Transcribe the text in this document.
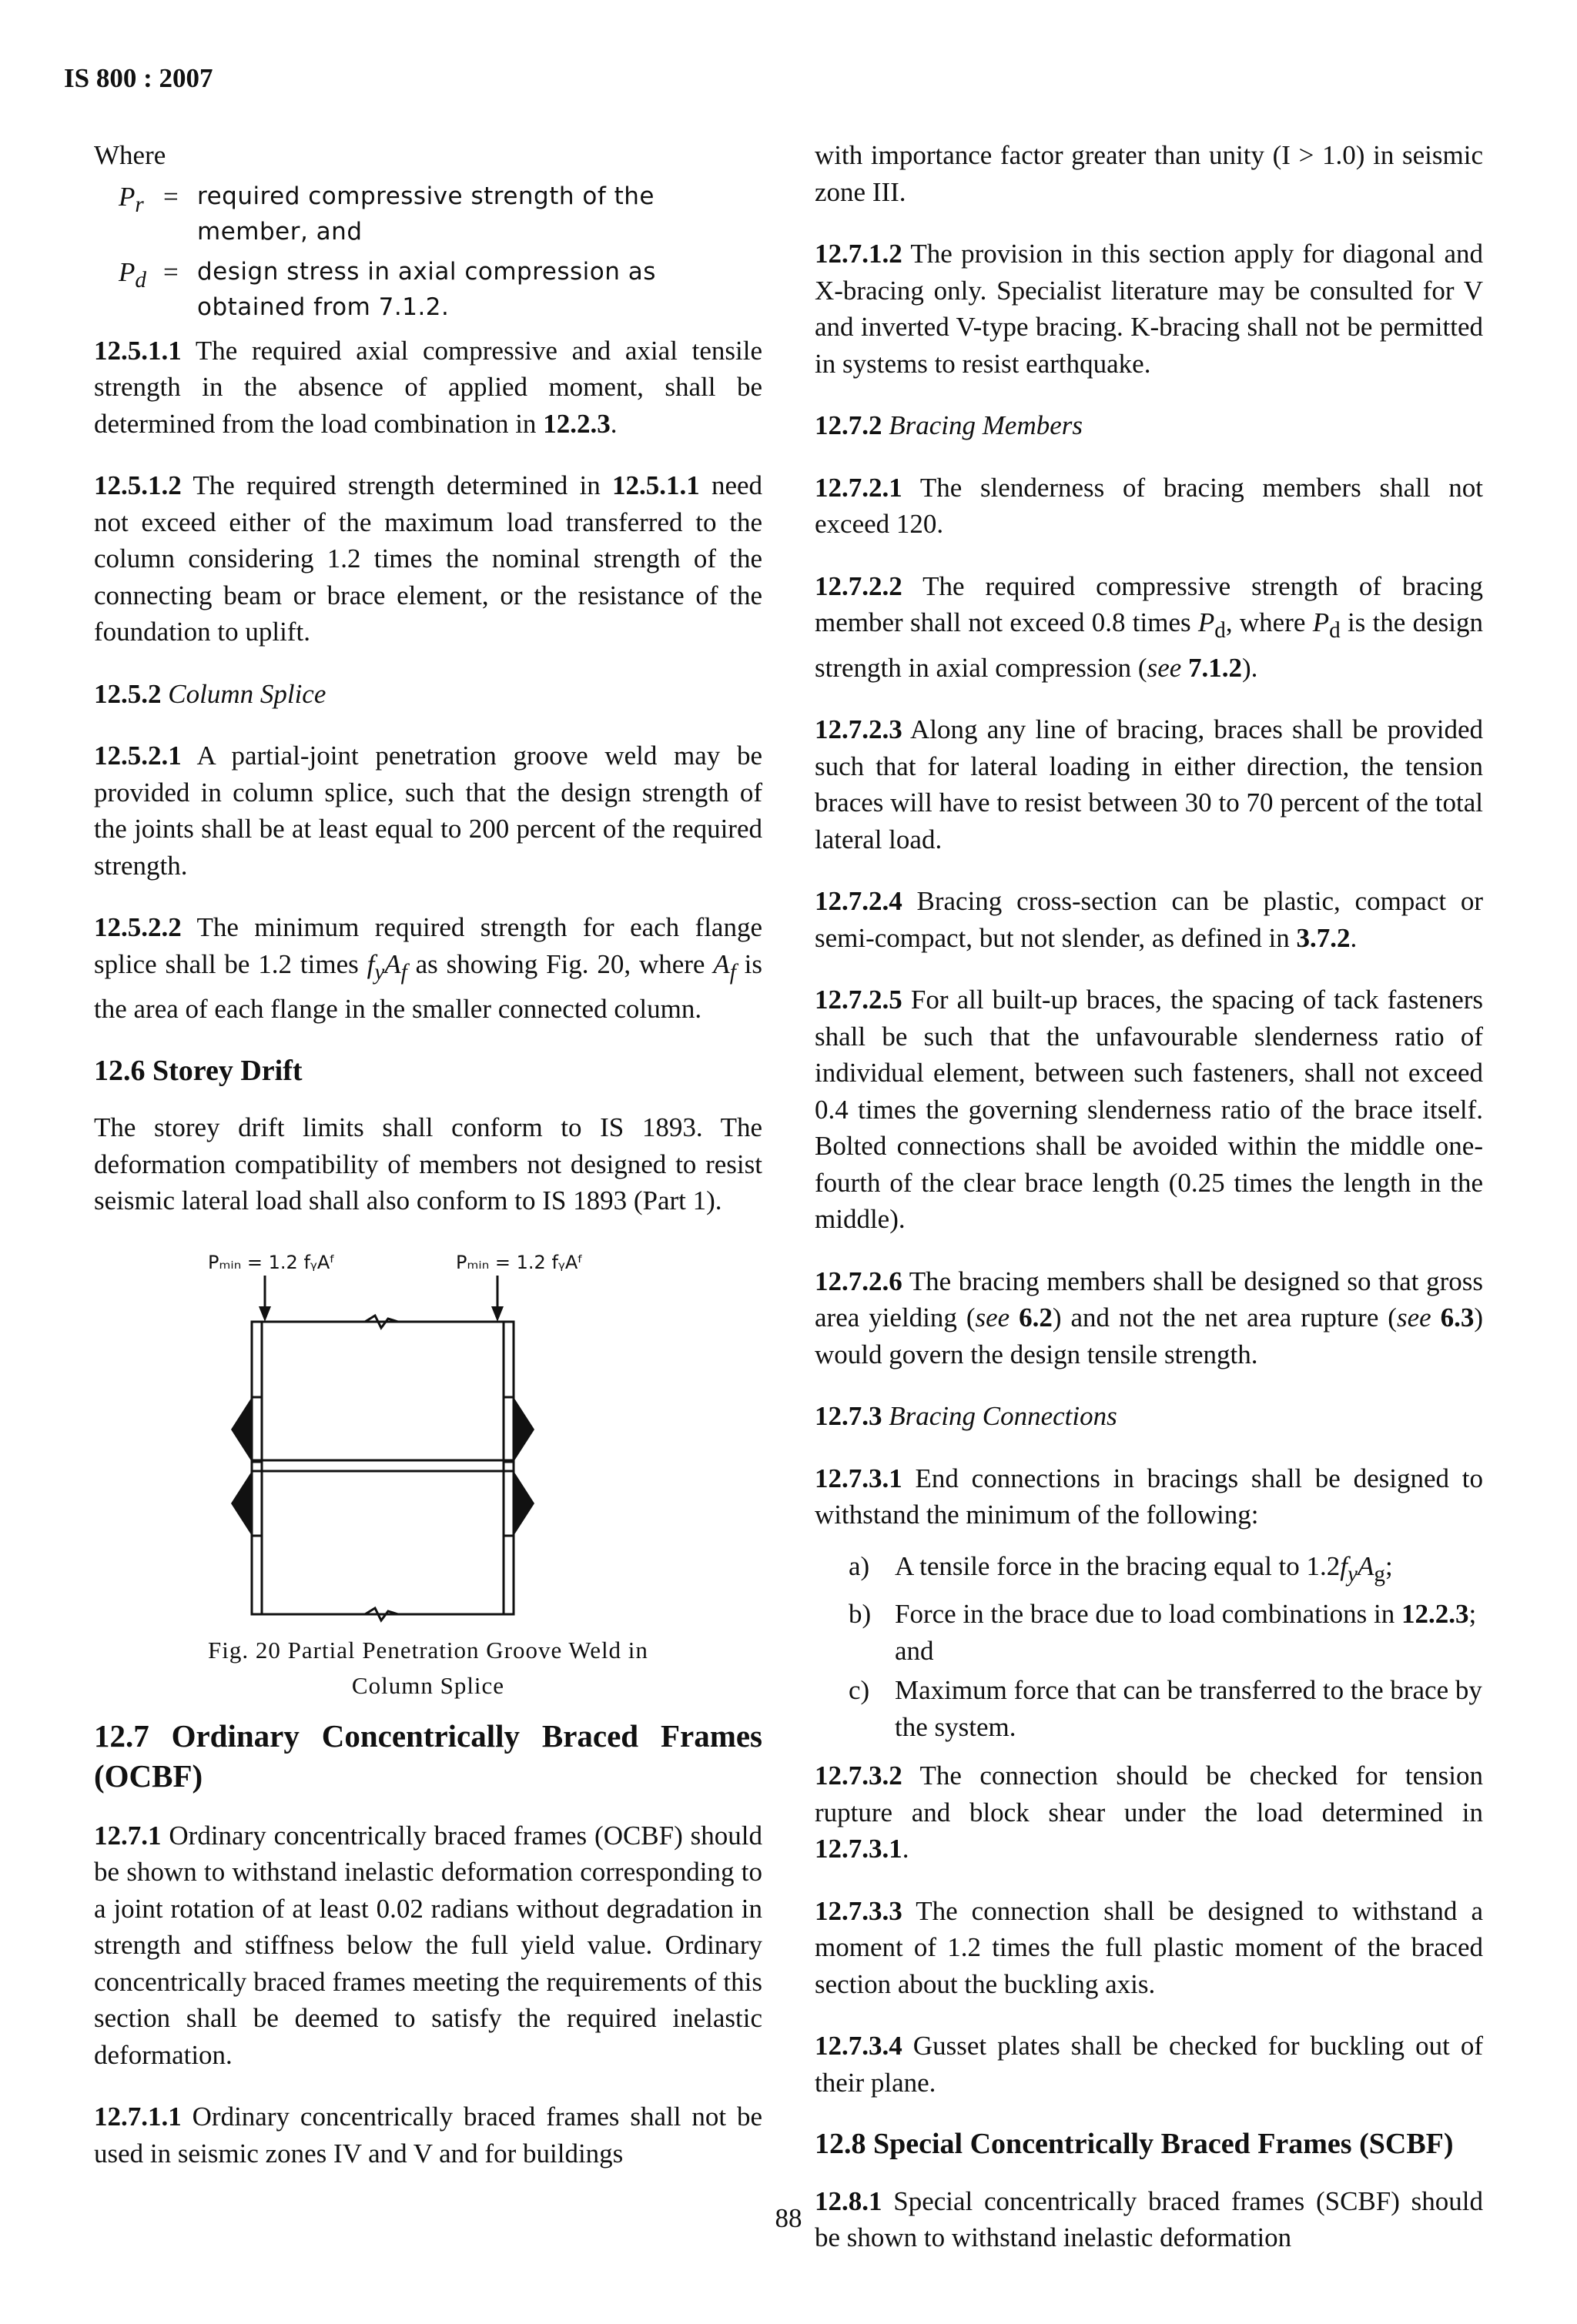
IS 800 : 2007

Where

$P_r$ = required compressive strength of the member, and
$P_d$ = design stress in axial compression as obtained from 7.1.2.

12.5.1.1 The required axial compressive and axial tensile strength in the absence of applied moment, shall be determined from the load combination in 12.2.3.

12.5.1.2 The required strength determined in 12.5.1.1 need not exceed either of the maximum load transferred to the column considering 1.2 times the nominal strength of the connecting beam or brace element, or the resistance of the foundation to uplift.

12.5.2 Column Splice

12.5.2.1 A partial-joint penetration groove weld may be provided in column splice, such that the design strength of the joints shall be at least equal to 200 percent of the required strength.

12.5.2.2 The minimum required strength for each flange splice shall be 1.2 times $f_yA_f$ as showing Fig. 20, where $A_f$ is the area of each flange in the smaller connected column.

12.6 Storey Drift

The storey drift limits shall conform to IS 1893. The deformation compatibility of members not designed to resist seismic lateral load shall also conform to IS 1893 (Part 1).

Pₘᵢₙ = 1.2 fᵧAᶠ	Pₘᵢₙ = 1.2 fᵧAᶠ
Fig. 20 Partial Penetration Groove Weld in
Column Splice

12.7 Ordinary Concentrically Braced Frames (OCBF)

12.7.1 Ordinary concentrically braced frames (OCBF) should be shown to withstand inelastic deformation corresponding to a joint rotation of at least 0.02 radians without degradation in strength and stiffness below the full yield value. Ordinary concentrically braced frames meeting the requirements of this section shall be deemed to satisfy the required inelastic deformation.

12.7.1.1 Ordinary concentrically braced frames shall not be used in seismic zones IV and V and for buildings

with importance factor greater than unity (I > 1.0) in seismic zone III.

12.7.1.2 The provision in this section apply for diagonal and X-bracing only. Specialist literature may be consulted for V and inverted V-type bracing. K-bracing shall not be permitted in systems to resist earthquake.

12.7.2 Bracing Members

12.7.2.1 The slenderness of bracing members shall not exceed 120.

12.7.2.2 The required compressive strength of bracing member shall not exceed 0.8 times $P_d$, where $P_d$ is the design strength in axial compression (see 7.1.2).

12.7.2.3 Along any line of bracing, braces shall be provided such that for lateral loading in either direction, the tension braces will have to resist between 30 to 70 percent of the total lateral load.

12.7.2.4 Bracing cross-section can be plastic, compact or semi-compact, but not slender, as defined in 3.7.2.

12.7.2.5 For all built-up braces, the spacing of tack fasteners shall be such that the unfavourable slenderness ratio of individual element, between such fasteners, shall not exceed 0.4 times the governing slenderness ratio of the brace itself. Bolted connections shall be avoided within the middle one-fourth of the clear brace length (0.25 times the length in the middle).

12.7.2.6 The bracing members shall be designed so that gross area yielding (see 6.2) and not the net area rupture (see 6.3) would govern the design tensile strength.

12.7.3 Bracing Connections

12.7.3.1 End connections in bracings shall be designed to withstand the minimum of the following:

a) A tensile force in the bracing equal to $1.2f_yA_g$;
b) Force in the brace due to load combinations in 12.2.3; and
c) Maximum force that can be transferred to the brace by the system.

12.7.3.2 The connection should be checked for tension rupture and block shear under the load determined in 12.7.3.1.

12.7.3.3 The connection shall be designed to withstand a moment of 1.2 times the full plastic moment of the braced section about the buckling axis.

12.7.3.4 Gusset plates shall be checked for buckling out of their plane.

12.8 Special Concentrically Braced Frames (SCBF)

12.8.1 Special concentrically braced frames (SCBF) should be shown to withstand inelastic deformation

88
